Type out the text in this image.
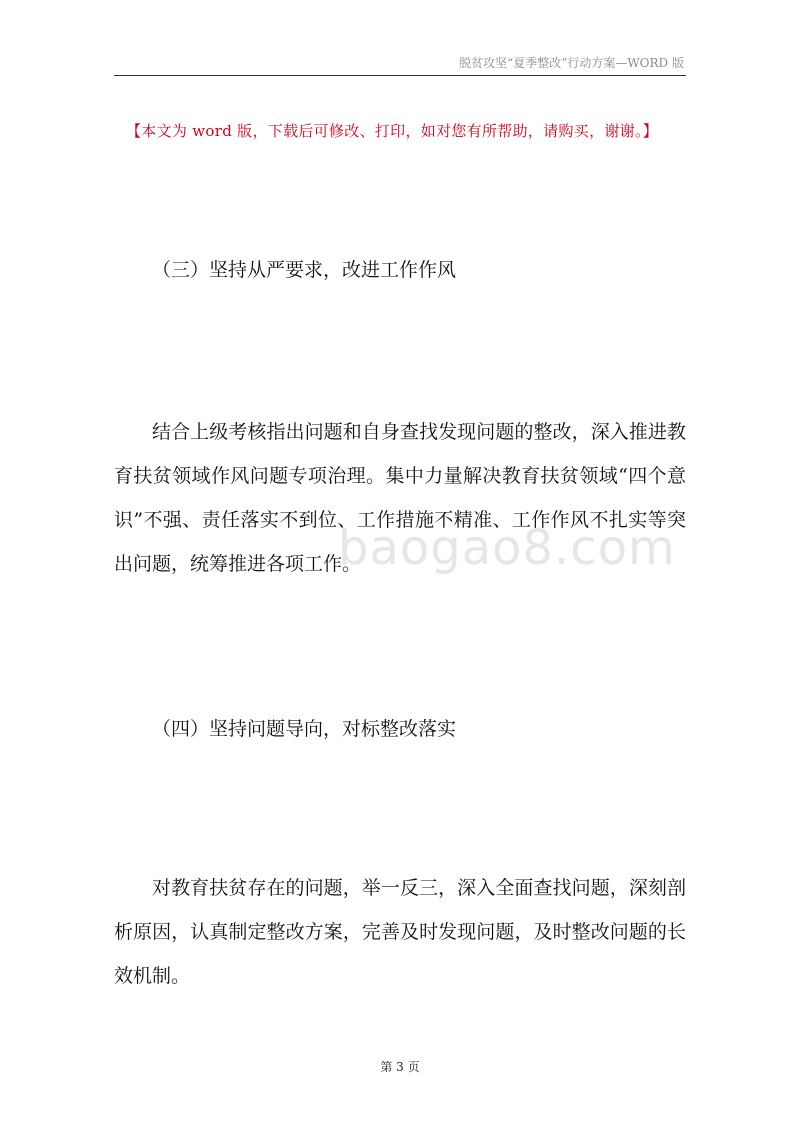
脱贫攻坚“夏季整改”行动方案—WORD 版
【本文为 word 版，下载后可修改、打印，如对您有所帮助，请购买，谢谢。】
（三）坚持从严要求，改进工作作风
结合上级考核指出问题和自身查找发现问题的整改，深入推进教育扶贫领域作风问题专项治理。集中力量解决教育扶贫领域“四个意识”不强、责任落实不到位、工作措施不精准、工作作风不扎实等突出问题，统筹推进各项工作。
baogao8.com
（四）坚持问题导向，对标整改落实
对教育扶贫存在的问题，举一反三，深入全面查找问题，深刻剖析原因，认真制定整改方案，完善及时发现问题，及时整改问题的长效机制。
第 3 页
